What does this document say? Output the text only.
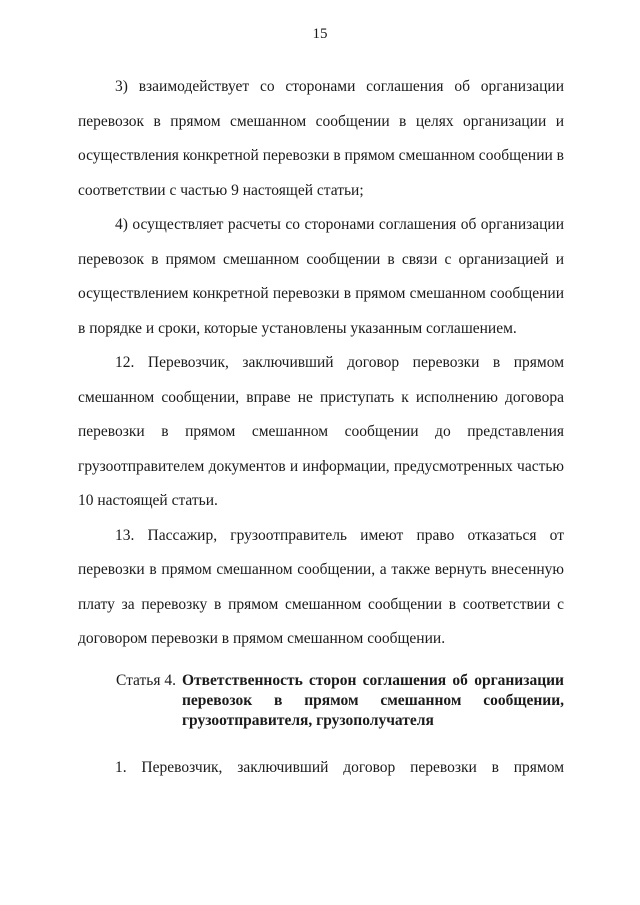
15

3) взаимодействует со сторонами соглашения об организации перевозок в прямом смешанном сообщении в целях организации и осуществления конкретной перевозки в прямом смешанном сообщении в соответствии с частью 9 настоящей статьи;

4) осуществляет расчеты со сторонами соглашения об организации перевозок в прямом смешанном сообщении в связи с организацией и осуществлением конкретной перевозки в прямом смешанном сообщении в порядке и сроки, которые установлены указанным соглашением.

12. Перевозчик, заключивший договор перевозки в прямом смешанном сообщении, вправе не приступать к исполнению договора перевозки в прямом смешанном сообщении до представления грузоотправителем документов и информации, предусмотренных частью 10 настоящей статьи.

13. Пассажир, грузоотправитель имеют право отказаться от перевозки в прямом смешанном сообщении, а также вернуть внесенную плату за перевозку в прямом смешанном сообщении в соответствии с договором перевозки в прямом смешанном сообщении.

Статья 4. Ответственность сторон соглашения об организации перевозок в прямом смешанном сообщении, грузоотправителя, грузополучателя

1. Перевозчик, заключивший договор перевозки в прямом
